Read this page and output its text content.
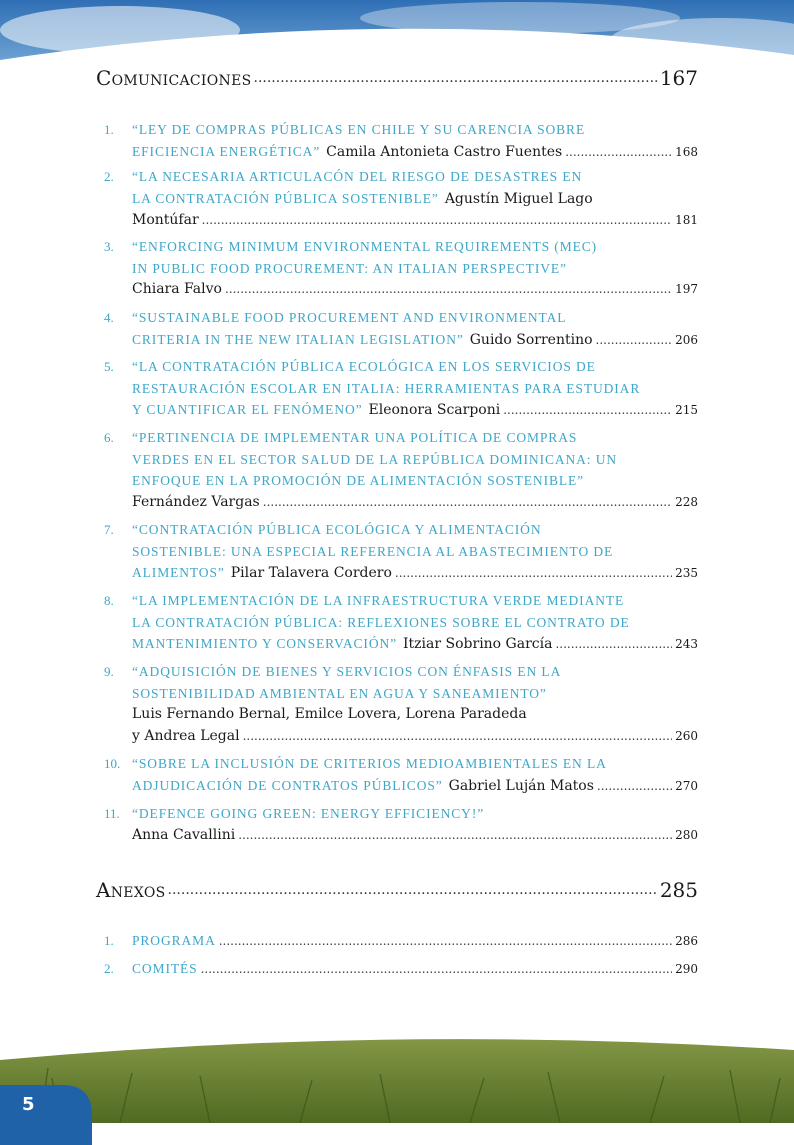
5
Comunicaciones .....	167
1.	“LEY DE COMPRAS PÚBLICAS EN CHILE Y SU CARENCIA SOBRE
EFICIENCIA ENERGÉTICA” Camila Antonieta Castro Fuentes .....	168
2.	“LA NECESARIA ARTICULACÓN DEL RIESGO DE DESASTRES EN
LA CONTRATACIÓN PÚBLICA SOSTENIBLE” Agustín Miguel Lago
Montúfar .....	181
3.	“ENFORCING MINIMUM ENVIRONMENTAL REQUIREMENTS (MEC)
IN PUBLIC FOOD PROCUREMENT: AN ITALIAN PERSPECTIVE”
Chiara Falvo .....	197
4.	“SUSTAINABLE FOOD PROCUREMENT AND ENVIRONMENTAL
CRITERIA IN THE NEW ITALIAN LEGISLATION” Guido Sorrentino .....	206
5.	“LA CONTRATACIÓN PÚBLICA ECOLÓGICA EN LOS SERVICIOS DE
RESTAURACIÓN ESCOLAR EN ITALIA: HERRAMIENTAS PARA ESTUDIAR
Y CUANTIFICAR EL FENÓMENO” Eleonora Scarponi .....	215
6.	“PERTINENCIA DE IMPLEMENTAR UNA POLÍTICA DE COMPRAS
VERDES EN EL SECTOR SALUD DE LA REPÚBLICA DOMINICANA: UN
ENFOQUE EN LA PROMOCIÓN DE ALIMENTACIÓN SOSTENIBLE”
Fernández Vargas .....	228
7.	“CONTRATACIÓN PÚBLICA ECOLÓGICA Y ALIMENTACIÓN
SOSTENIBLE: UNA ESPECIAL REFERENCIA AL ABASTECIMIENTO DE
ALIMENTOS” Pilar Talavera Cordero .....	235
8.	“LA IMPLEMENTACIÓN DE LA INFRAESTRUCTURA VERDE MEDIANTE
LA CONTRATACIÓN PÚBLICA: REFLEXIONES SOBRE EL CONTRATO DE
MANTENIMIENTO Y CONSERVACIÓN” Itziar Sobrino García .....	243
9.	“ADQUISICIÓN DE BIENES Y SERVICIOS CON ÉNFASIS EN LA
SOSTENIBILIDAD AMBIENTAL EN AGUA Y SANEAMIENTO”
Luis Fernando Bernal, Emilce Lovera, Lorena Paradeda
y Andrea Legal .....	260
10. “SOBRE LA INCLUSIÓN DE CRITERIOS MEDIOAMBIENTALES EN LA
ADJUDICACIÓN DE CONTRATOS PÚBLICOS” Gabriel Luján Matos .....	270
11. “DEFENCE GOING GREEN: ENERGY EFFICIENCY!”
Anna Cavallini .....	280
Anexos .....	285
1.	PROGRAMA .....	286
2.	COMITÉS .....	290
